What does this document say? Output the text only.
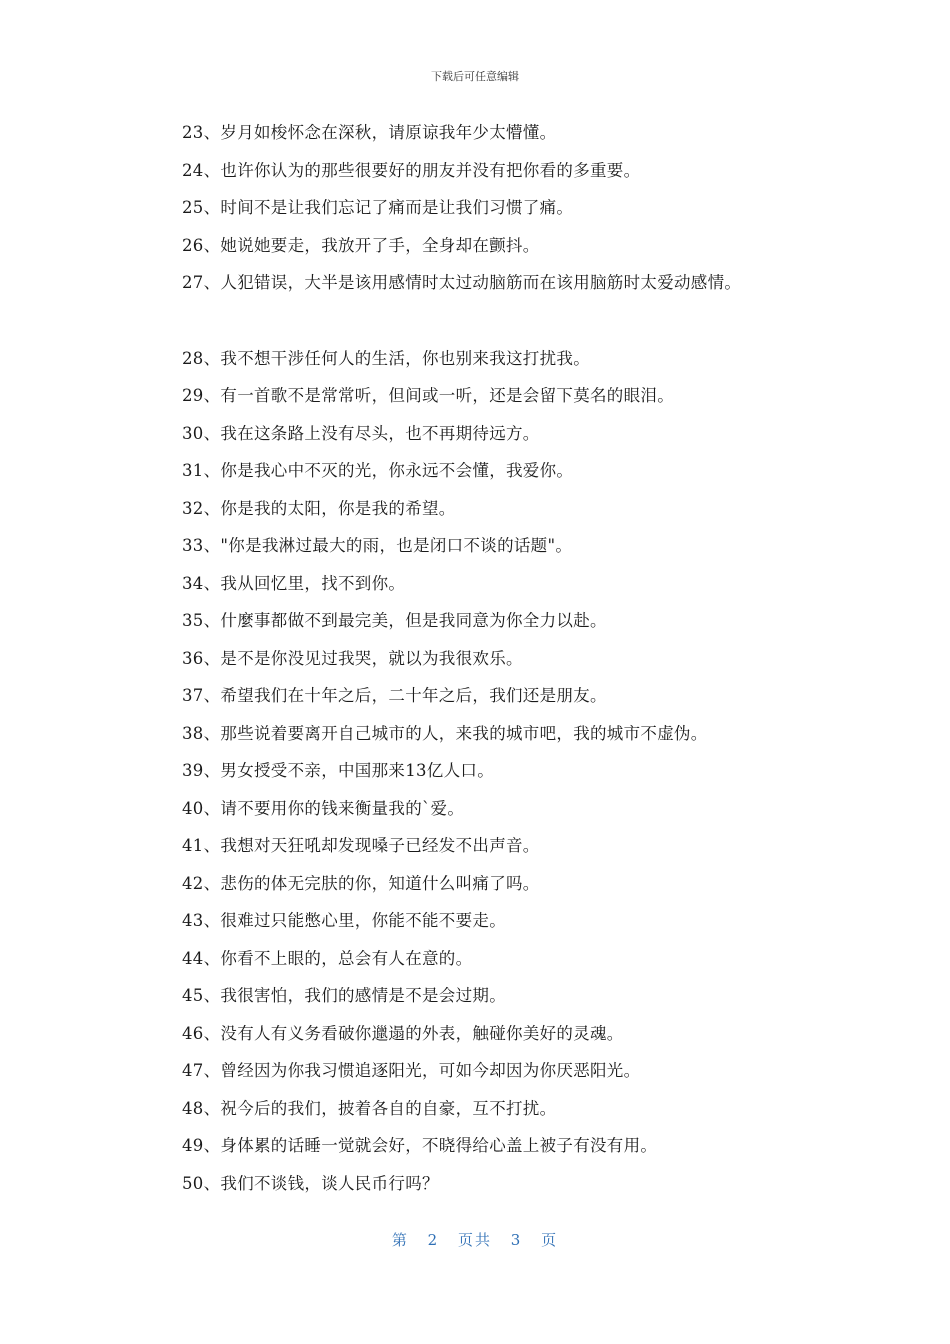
下载后可任意编辑
23、岁月如梭怀念在深秋，请原谅我年少太懵懂。
24、也许你认为的那些很要好的朋友并没有把你看的多重要。
25、时间不是让我们忘记了痛而是让我们习惯了痛。
26、她说她要走，我放开了手，全身却在颤抖。
27、人犯错误，大半是该用感情时太过动脑筋而在该用脑筋时太爱动感情。
28、我不想干涉任何人的生活，你也别来我这打扰我。
29、有一首歌不是常常听，但间或一听，还是会留下莫名的眼泪。
30、我在这条路上没有尽头，也不再期待远方。
31、你是我心中不灭的光，你永远不会懂，我爱你。
32、你是我的太阳，你是我的希望。
33、"你是我淋过最大的雨，也是闭口不谈的话题"。
34、我从回忆里，找不到你。
35、什麼事都做不到最完美，但是我同意为你全力以赴。
36、是不是你没见过我哭，就以为我很欢乐。
37、希望我们在十年之后，二十年之后，我们还是朋友。
38、那些说着要离开自己城市的人，来我的城市吧，我的城市不虚伪。
39、男女授受不亲，中国那来13亿人口。
40、请不要用你的钱来衡量我的`爱。
41、我想对天狂吼却发现嗓子已经发不出声音。
42、悲伤的体无完肤的你，知道什么叫痛了吗。
43、很难过只能憋心里，你能不能不要走。
44、你看不上眼的，总会有人在意的。
45、我很害怕，我们的感情是不是会过期。
46、没有人有义务看破你邋遢的外表，触碰你美好的灵魂。
47、曾经因为你我习惯追逐阳光，可如今却因为你厌恶阳光。
48、祝今后的我们，披着各自的自豪，互不打扰。
49、身体累的话睡一觉就会好，不晓得给心盖上被子有没有用。
50、我们不谈钱，谈人民币行吗？
第 2 页共 3 页
